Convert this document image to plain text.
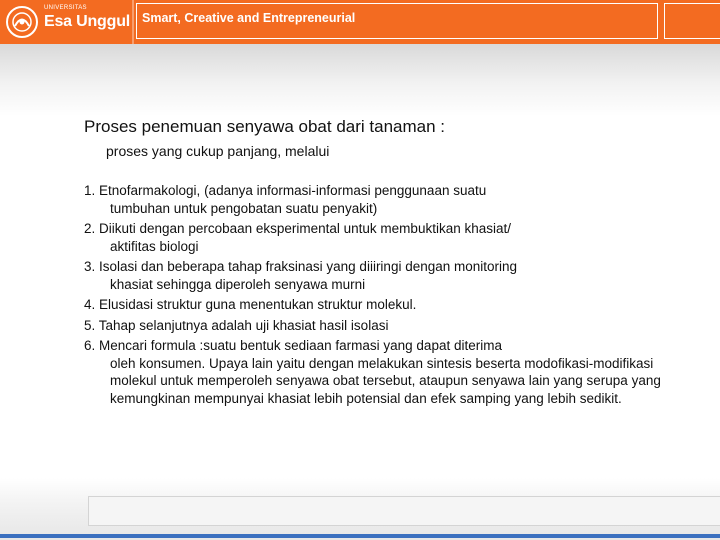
UNIVERSITAS
Esa Unggul Smart, Creative and Entrepreneurial
Proses penemuan senyawa obat dari tanaman :
proses yang cukup panjang, melalui
1. Etnofarmakologi, (adanya informasi-informasi penggunaan suatu
tumbuhan untuk pengobatan suatu penyakit)
2. Diikuti dengan percobaan eksperimental untuk membuktikan khasiat/
aktifitas biologi
3. Isolasi dan beberapa tahap fraksinasi yang diiiringi dengan monitoring
khasiat sehingga diperoleh senyawa murni
4. Elusidasi struktur guna menentukan struktur molekul.
5. Tahap selanjutnya adalah uji khasiat hasil isolasi
6. Mencari formula :suatu bentuk sediaan farmasi yang dapat diterima
oleh konsumen. Upaya lain yaitu dengan melakukan sintesis beserta modofikasi-modifikasi molekul untuk memperoleh senyawa obat tersebut, ataupun senyawa lain yang serupa yang kemungkinan mempunyai khasiat lebih potensial dan efek samping yang lebih sedikit.
